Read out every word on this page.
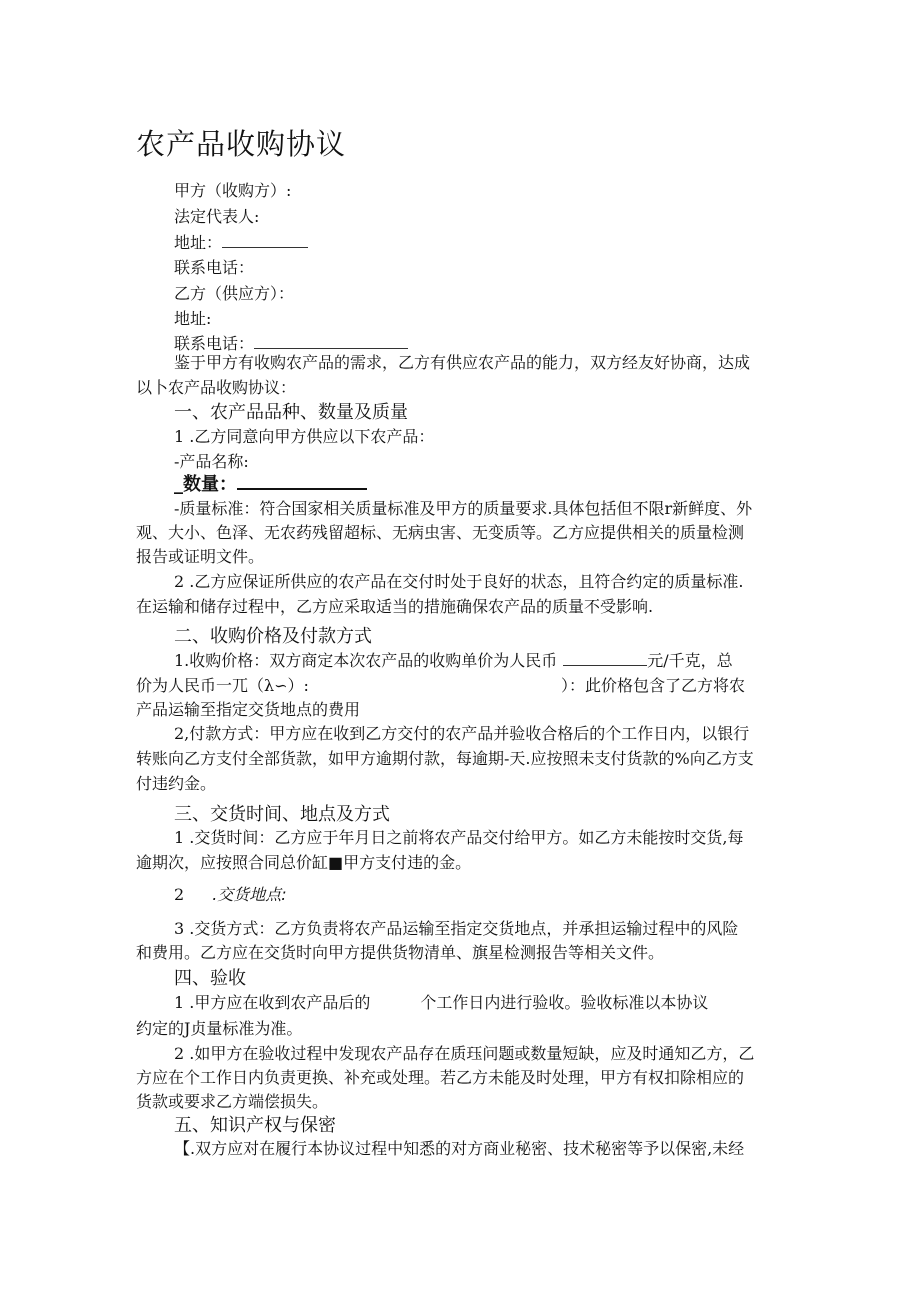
农产品收购协议
甲方（收购方）:
法定代表人:
地址：
联系电话：
乙方（供应方）：
地址:
联系电话：
鉴于甲方有收购农产品的需求，乙方有供应农产品的能力，双方经友好协商，达成
以卜农产品收购协议：
一、农产品品种、数量及质量
1 .乙方同意向甲方供应以下农产品：
-产品名称:
_数量：
-质量标准：符合国家相关质量标准及甲方的质量要求.具体包括但不限r新鲜度、外
观、大小、色泽、无农药残留超标、无病虫害、无变质等。乙方应提供相关的质量检测
报告或证明文件。
2 .乙方应保证所供应的农产品在交付时处于良好的状态，且符合约定的质量标准.
在运输和储存过程中，乙方应采取适当的措施确保农产品的质量不受影响.
二、收购价格及付款方式
1.收购价格：双方商定本次农产品的收购单价为人民币	元/千克，总
价为人民币一兀（λ∽）:	）：此价格包含了乙方将农
产品运输至指定交货地点的费用
2,付款方式：甲方应在收到乙方交付的农产品并验收合格后的个工作日内，以银行
转账向乙方支付全部货款，如甲方逾期付款，每逾期-天.应按照未支付货款的%向乙方支
付违约金。
三、交货时间、地点及方式
1 .交货时间：乙方应于年月日之前将农产品交付给甲方。如乙方未能按时交货,每
逾期次，应按照合同总价缸■甲方支付违的金。
2 .交货地点:
3 .交货方式：乙方负责将农产品运输至指定交货地点，并承担运输过程中的风险
和费用。乙方应在交货时向甲方提供货物清单、旗星检测报告等相关文件。
四、验收
1 .甲方应在收到农产品后的	个工作日内进行验收。验收标准以本协议
约定的J贞量标准为准。
2 .如甲方在验收过程中发现农产品存在质珏问题或数量短缺，应及时通知乙方，乙
方应在个工作日内负责更换、补充或处理。若乙方未能及时处理，甲方有权扣除相应的
货款或要求乙方端偿损失。
五、知识产权与保密
【.双方应对在履行本协议过程中知悉的对方商业秘密、技术秘密等予以保密,未经
